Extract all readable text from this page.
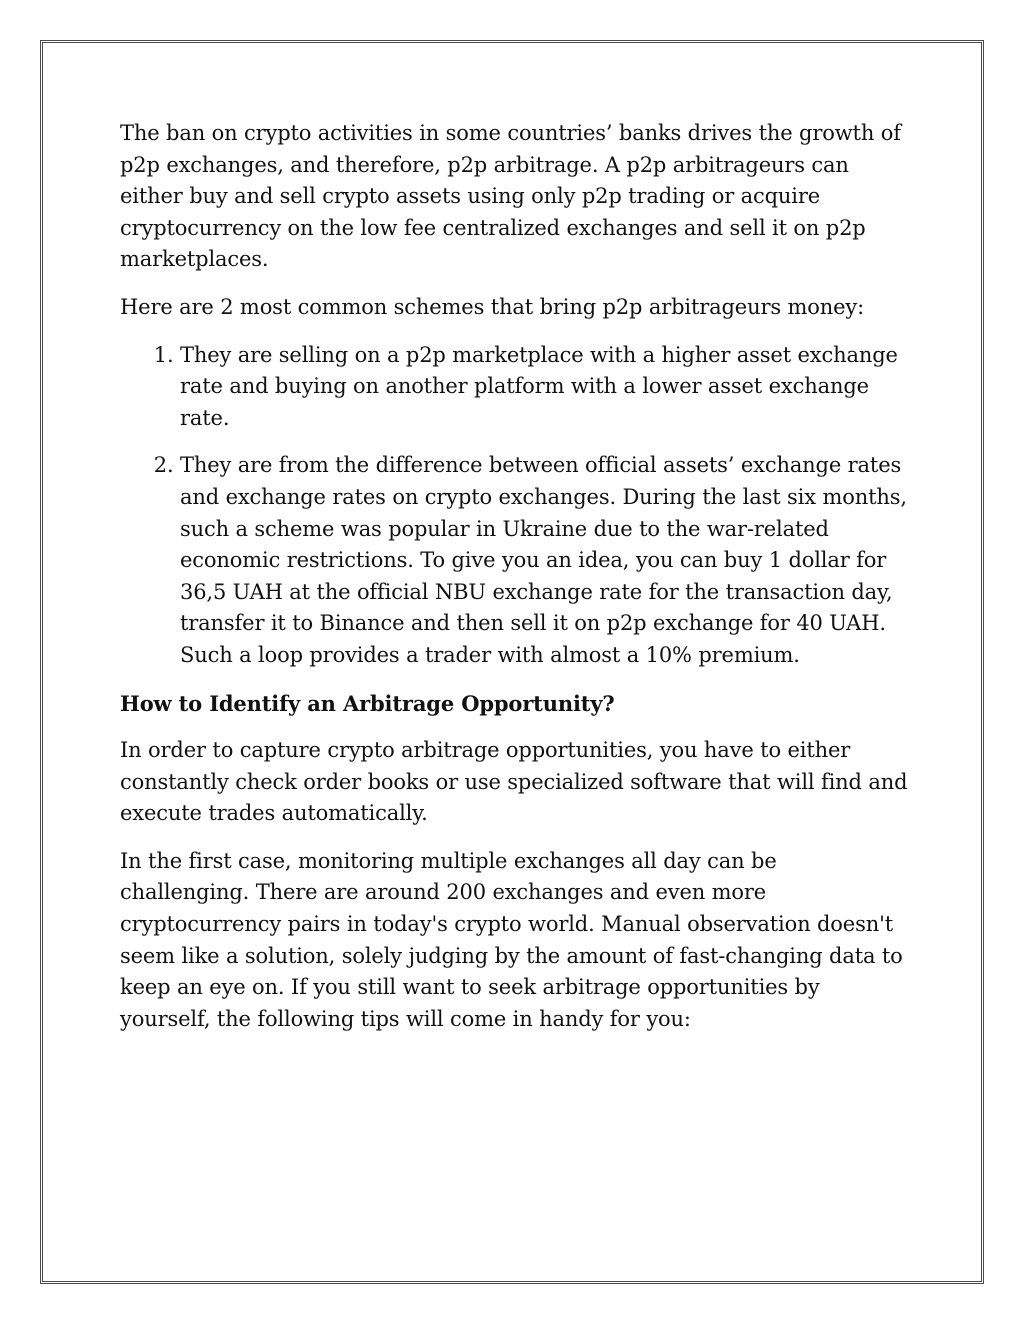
The ban on crypto activities in some countries’ banks drives the growth of p2p exchanges, and therefore, p2p arbitrage. A p2p arbitrageurs can either buy and sell crypto assets using only p2p trading or acquire cryptocurrency on the low fee centralized exchanges and sell it on p2p marketplaces.

Here are 2 most common schemes that bring p2p arbitrageurs money:

1. They are selling on a p2p marketplace with a higher asset exchange rate and buying on another platform with a lower asset exchange rate.
2. They are from the difference between official assets’ exchange rates and exchange rates on crypto exchanges. During the last six months, such a scheme was popular in Ukraine due to the war-related economic restrictions. To give you an idea, you can buy 1 dollar for 36,5 UAH at the official NBU exchange rate for the transaction day, transfer it to Binance and then sell it on p2p exchange for 40 UAH. Such a loop provides a trader with almost a 10% premium.
How to Identify an Arbitrage Opportunity?

In order to capture crypto arbitrage opportunities, you have to either constantly check order books or use specialized software that will find and execute trades automatically.

In the first case, monitoring multiple exchanges all day can be challenging. There are around 200 exchanges and even more cryptocurrency pairs in today's crypto world. Manual observation doesn't seem like a solution, solely judging by the amount of fast-changing data to keep an eye on. If you still want to seek arbitrage opportunities by yourself, the following tips will come in handy for you:
